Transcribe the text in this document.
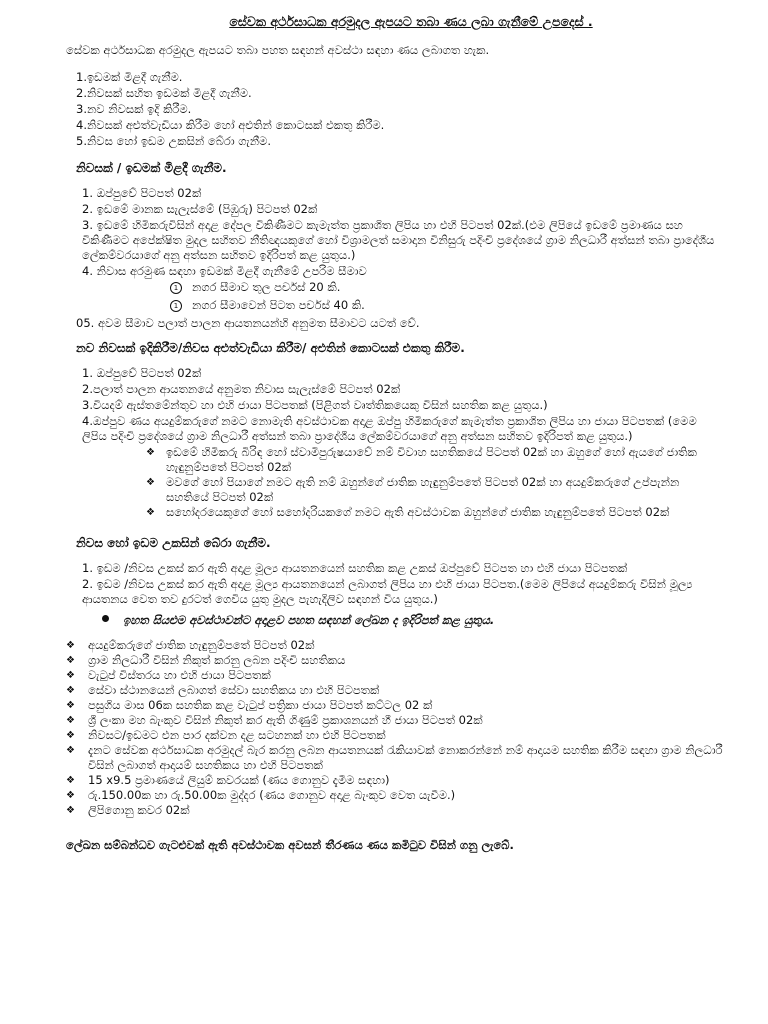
සේවක අර්ථසාධක අරමුදල ඇපයට තබා ණය ලබා ගැනීමේ උපදෙස් .

සේවක අර්ථසාධක අරමුදල ඇපයට තබා පහත සඳහන් අවස්ථා සඳහා ණය ලබාගත හැක.

1.ඉඩමක් මිළදී ගැනීම.
2.නිවසක් සහිත ඉඩමක් මිළදී ගැනීම.
3.නව නිවසක් ඉදි කිරීම.
4.නිවසක් අළුත්වැඩියා කිරීම හෝ අළුතින් කොටසක් එකතු කිරීම.
5.නිවස හෝ ඉඩම උකසින් බේරා ගැනීම.
නිවසක් / ඉඩමක් මිළදී ගැනීම.
1. ඔප්පුවේ පිටපත් 02ක්
2. ඉඩමේ මානක සැලැස්මේ (පිඹුරු) පිටපත් 02ක්
3. ඉඩමේ හිමිකරුවිසින් අදාළ දේපල විකිණීමට කැමැත්ත ප්‍රකාශිත ලිපිය හා එහි පිටපත් 02ක්.(එම ලිපියේ ඉඩමේ ප්‍රමාණය සහ විකිණීමට අපේක්ෂිත මුදල සහිතව නීතිඥයකුගේ හෝ විශ්‍රාමලත් සමාදාන විනිසුරු පදිංචි ප්‍රදේශයේ ග්‍රාම නිලධාරී අත්සන් තබා ප්‍රාදේශීය ලේකම්වරයාගේ අනු අත්සන සහිතව ඉදිරිපත් කළ යුතුය.)
4. නිවාස අරමුණ සඳහා ඉඩමක් මිළදී ගැනීමේ උපරිම සීමාව
1 නගර සීමාව තුල පර්චස් 20 කි.
1 නගර සීමාවෙන් පිටත පර්චස් 40 කි.

05. අවම සීමාව පලාත් පාලන ආයතනයන්හි අනුමත සීමාවට යටත් වේ.

නව නිවසක් ඉදිකිරීම/නිවස අළුත්වැඩියා කිරීම/ අළුතින් කොටසක් එකතු කිරීම.
1. ඔප්පුවේ පිටපත් 02ක්
2.පලාත් පාලන ආයතනයේ අනුමත නිවාස සැලැස්මේ පිටපත් 02ක්
3.වියදම් ඇස්තමේන්තුව හා එහි ජායා පිටපතක් (පිළිගත් වෘත්තිකයෙකු විසින් සහතික කළ යුතුය.)
4.ඔප්පුව ණය අයදුම්කරුගේ නමට නොමැති අවස්ථාවක අදාළ ඔප්පු හිමිකරුගේ කැමැත්ත ප්‍රකාශිත ලිපිය හා ජායා පිටපතක් (මෙම ලිපිය පදිංචි ප්‍රදේශයේ ග්‍රාම නිලධාරී අත්සන් තබා ප්‍රාදේශීය ලේකම්වරයාගේ අනු අත්සන සහිතව ඉදිරිපත් කළ යුතුය.)
❖ ඉඩමේ හිමිකරු බිරිඳ හෝ ස්වාමිපුරුෂයාවේ නම් විවාහ සහතිකයේ පිටපත් 02ක් හා ඔහුගේ හෝ ඇයගේ ජාතික හැඳුනුම්පතේ පිටපත් 02ක්
❖ මවගේ හෝ පියාගේ නමට ඇති නම් ඔහුන්ගේ ජාතික හැඳුනුම්පතේ පිටපත් 02ක් හා අයදුම්කරුගේ උප්පැන්න සහතියේ පිටපත් 02ක්
❖ සහෝදරයෙකුගේ හෝ සහෝදරියකගේ නමට ඇති අවස්ථාවක ඔහුන්ගේ ජාතික හැඳුනුම්පතේ පිටපත් 02ක්
නිවස හෝ ඉඩම උකසින් බේරා ගැනීම.
1. ඉඩම /නිවස උකස් කර ඇති අදාළ මූල්‍ය ආයතනයෙන් සහතික කළ උකස් ඔප්පුවේ පිටපත හා එහි ජායා පිටපතක්
2. ඉඩම /නිවස උකස් කර ඇති අදාළ මූල්‍ය ආයතනයෙන් ලබාගත් ලිපිය හා එහි ජායා පිටපත.(මෙම ලිපියේ අයදුම්කරු විසින් මූල්‍ය ආයතනය වෙත තව දුරටත් ගෙවිය යුතු මුදල පැහැදිලිව සඳහන් විය යුතුය.)
ඉහත සියළුම අවස්ථාවන්ට අදාළව පහත සඳහන් ලේඛන ද ඉදිරිපත් කළ යුතුය.
❖ අයදුම්කරුගේ ජාතික හැඳුනුම්පතේ පිටපත් 02ක්
❖ ග්‍රාම නිලධාරී විසින් නිකුත් කරනු ලබන පදිංචි සහතිකය
❖ වැටුප් විස්තරය හා එහි ජායා පිටපතක්
❖ සේවා ස්ථානයෙන් ලබාගත් සේවා සහතිකය හා එහි පිටපතක්
❖ පසුගිය මාස 06ක සහතික කළ වැටුප් පත්‍රිකා ජායා පිටපත් කට්ටල 02 ක්
❖ ශ්‍රී ලංකා මහ බැංකුව විසින් නිකුත් කර ඇති ගිණුම් ප්‍රකාශනයන් හී ජායා පිටපත් 02ක්
❖ නිවසට/ඉඩමට එන පාර දක්වන දළ සටහනක් හා එහි පිටපතක්
❖ දැනට සේවක අර්ථසාධක අරමුදල් බැර කරනු ලබන ආයතනයක් රැකියාවක් නොකරන්නේ නම් ආදායම සහතික කිරීම සඳහා ග්‍රාම නිලධාරී විසින් ලබාගත් ආදායම් සහතිකය හා එහි පිටපතක්
❖ 15 x9.5 ප්‍රමාණයේ ලියුම් කවරයක් (ණය ගොනුව දැමීම සඳහා)
❖ රු.150.00ක හා රු.50.00ක මුද්දර (ණය ගොනුව අදාළ බැංකුව වෙත යැවීම.)
❖ ලිපිගොනු කවර 02ක්

ලේඛන සම්බන්ධව ගැටළුවක් ඇති අවස්ථාවක අවසන් තීරණය ණය කමිටුව විසින් ගනු ලැබේ.
